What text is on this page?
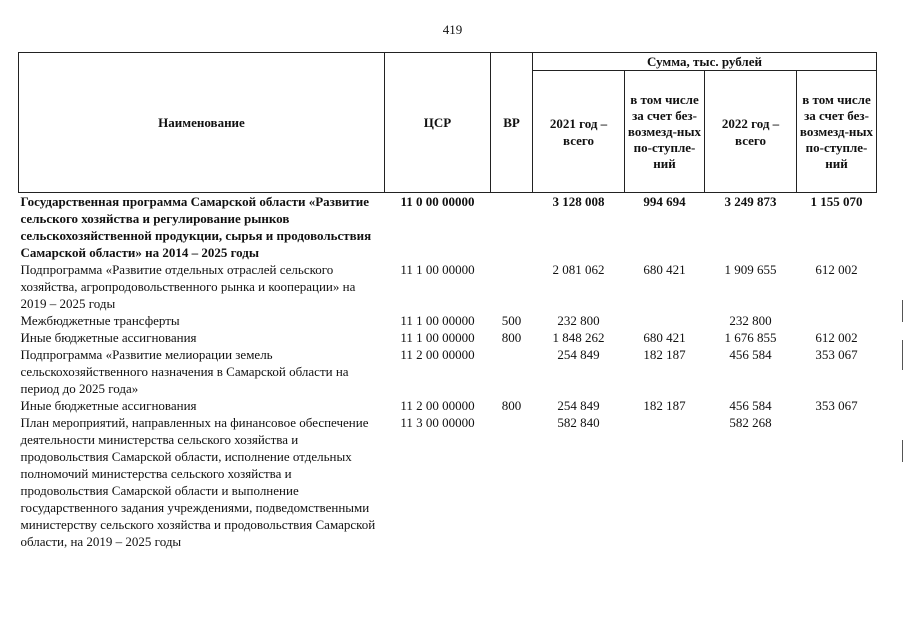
419
Наименование	ЦСР	ВР	Сумма, тыс. рублей			
			2021 год – всего	в том числе за счет без-возмезд-ных по-ступле-ний	2022 год – всего	в том числе за счет без-возмезд-ных по-ступле-ний
Государственная программа Самарской области «Развитие сельского хозяйства и регулирование рынков сельскохозяйственной продукции, сырья и продовольствия Самарской области» на 2014 – 2025 годы	11 0 00 00000		3 128 008	994 694	3 249 873	1 155 070
Подпрограмма «Развитие отдельных отраслей сельского хозяйства, агропродовольственного рынка и кооперации» на 2019 – 2025 годы	11 1 00 00000		2 081 062	680 421	1 909 655	612 002
Межбюджетные трансферты	11 1 00 00000	500	232 800		232 800	
Иные бюджетные ассигнования	11 1 00 00000	800	1 848 262	680 421	1 676 855	612 002
Подпрограмма «Развитие мелиорации земель сельскохозяйственного назначения в Самарской области на период до 2025 года»	11 2 00 00000		254 849	182 187	456 584	353 067
Иные бюджетные ассигнования	11 2 00 00000	800	254 849	182 187	456 584	353 067
План мероприятий, направленных на финансовое обеспечение деятельности министерства сельского хозяйства и продовольствия Самарской области, исполнение отдельных полномочий министерства сельского хозяйства и продовольствия Самарской области и выполнение государственного задания учреждениями, подведомственными министерству сельского хозяйства и продовольствия Самарской области, на 2019 – 2025 годы	11 3 00 00000		582 840		582 268	
